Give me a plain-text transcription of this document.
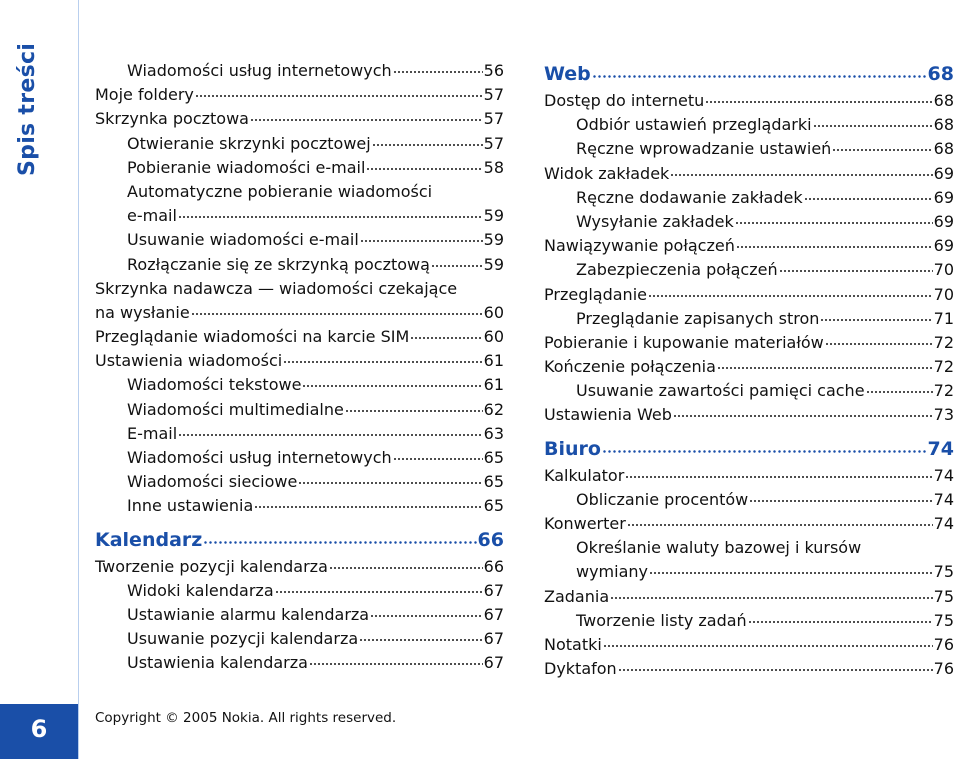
Spis treści
6
Wiadomości usług internetowych	56
Moje foldery	57
Skrzynka pocztowa	57
Otwieranie skrzynki pocztowej	57
Pobieranie wiadomości e-mail	58
Automatyczne pobieranie wiadomości
e-mail	59
Usuwanie wiadomości e-mail	59
Rozłączanie się ze skrzynką pocztową	59
Skrzynka nadawcza — wiadomości czekające
na wysłanie	60
Przeglądanie wiadomości na karcie SIM	60
Ustawienia wiadomości	61
Wiadomości tekstowe	61
Wiadomości multimedialne	62
E-mail	63
Wiadomości usług internetowych	65
Wiadomości sieciowe	65
Inne ustawienia	65
Kalendarz	66
Tworzenie pozycji kalendarza	66
Widoki kalendarza	67
Ustawianie alarmu kalendarza	67
Usuwanie pozycji kalendarza	67
Ustawienia kalendarza	67
Web	68
Dostęp do internetu	68
Odbiór ustawień przeglądarki	68
Ręczne wprowadzanie ustawień	68
Widok zakładek	69
Ręczne dodawanie zakładek	69
Wysyłanie zakładek	69
Nawiązywanie połączeń	69
Zabezpieczenia połączeń	70
Przeglądanie	70
Przeglądanie zapisanych stron	71
Pobieranie i kupowanie materiałów	72
Kończenie połączenia	72
Usuwanie zawartości pamięci cache	72
Ustawienia Web	73
Biuro	74
Kalkulator	74
Obliczanie procentów	74
Konwerter	74
Określanie waluty bazowej i kursów
wymiany	75
Zadania	75
Tworzenie listy zadań	75
Notatki	76
Dyktafon	76
Copyright © 2005 Nokia. All rights reserved.
